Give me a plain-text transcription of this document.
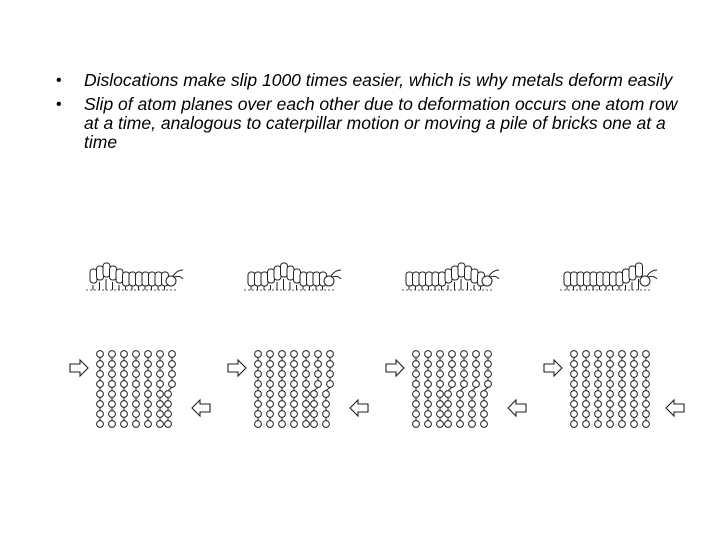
• Dislocations make slip 1000 times easier, which is why metals deform easily
• Slip of atom planes over each other due to deformation occurs one atom row at a time, analogous to caterpillar motion or moving a pile of bricks one at a time
